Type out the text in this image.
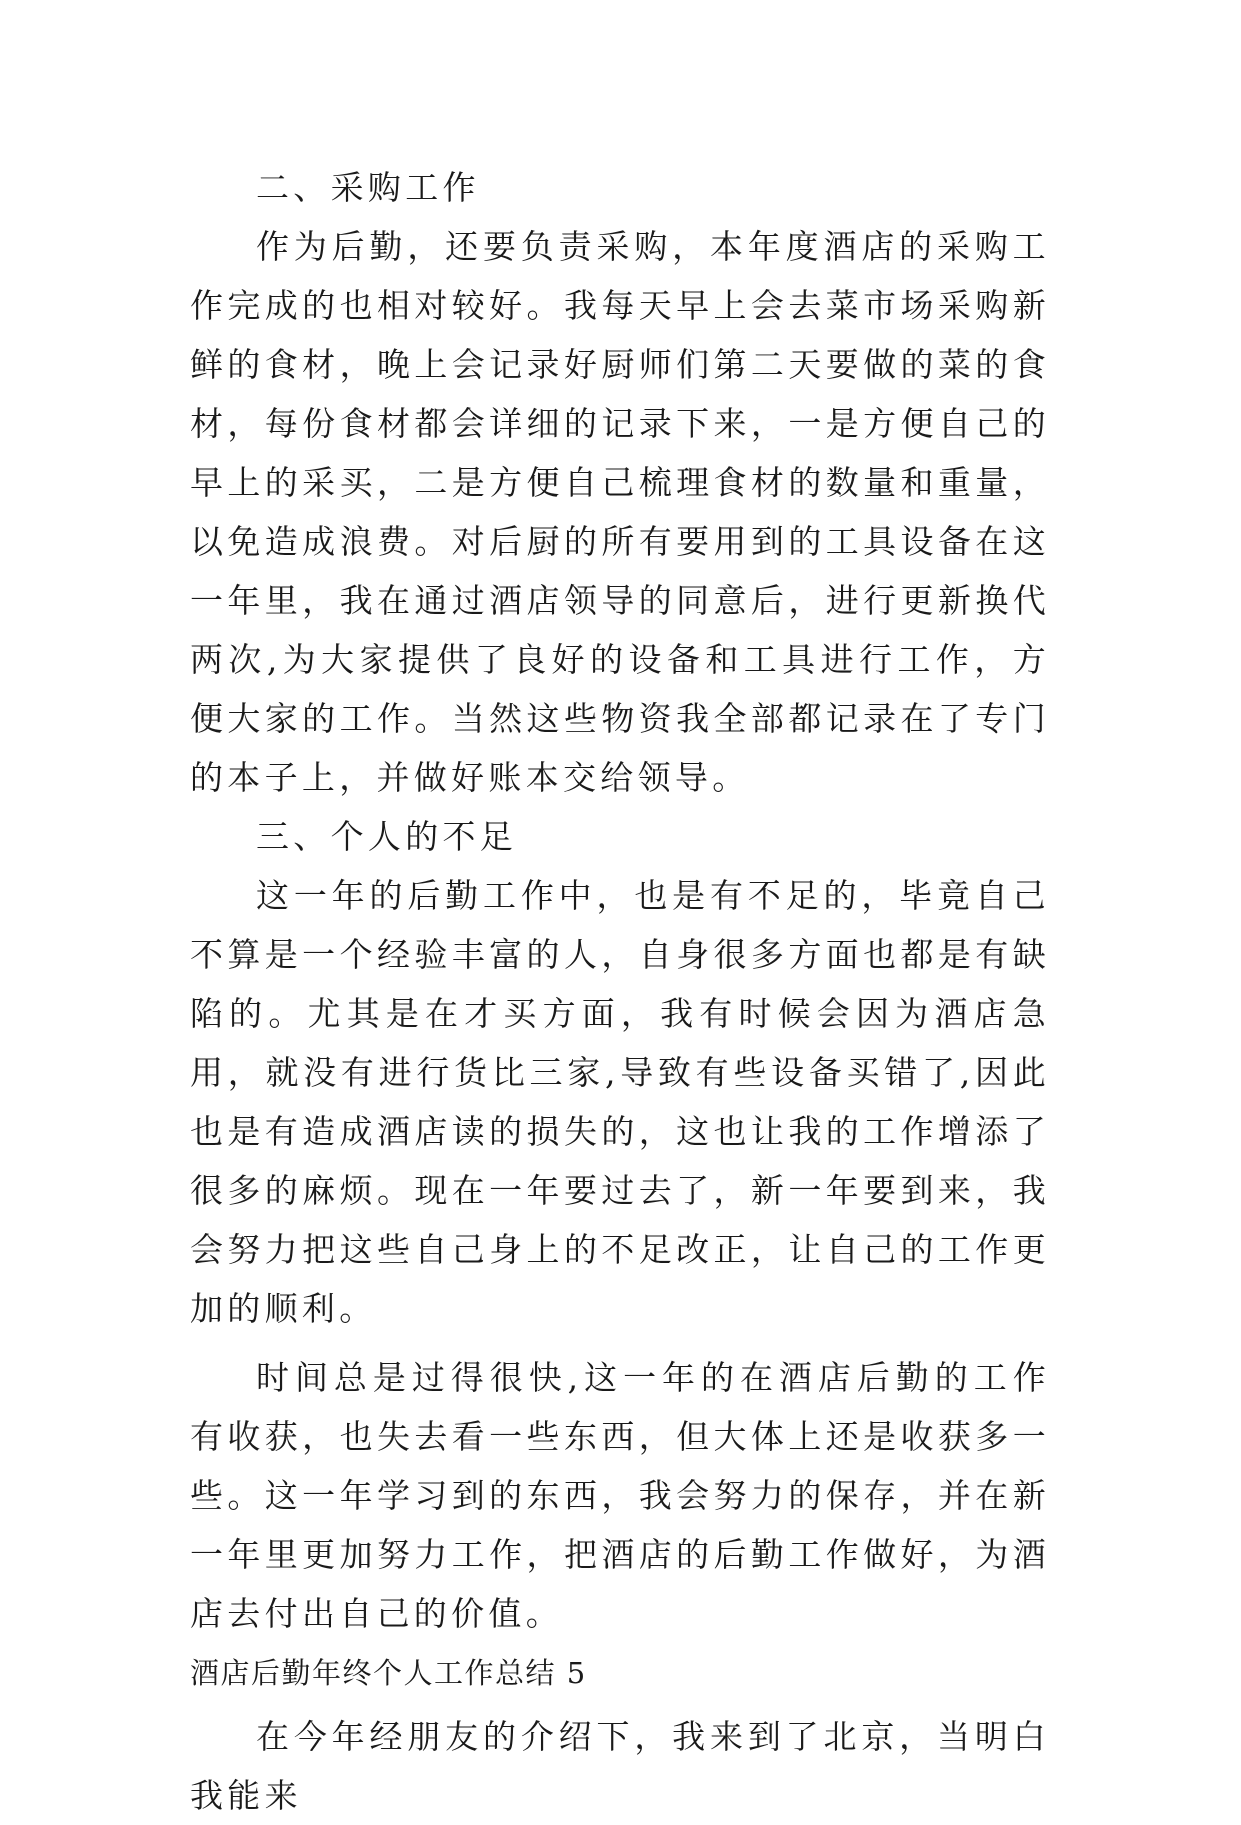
二、采购工作

作为后勤，还要负责采购，本年度酒店的采购工作完成的也相对较好。我每天早上会去菜市场采购新鲜的食材，晚上会记录好厨师们第二天要做的菜的食材，每份食材都会详细的记录下来，一是方便自己的早上的采买，二是方便自己梳理食材的数量和重量，以免造成浪费。对后厨的所有要用到的工具设备在这一年里，我在通过酒店领导的同意后，进行更新换代两次,为大家提供了良好的设备和工具进行工作，方便大家的工作。当然这些物资我全部都记录在了专门的本子上，并做好账本交给领导。

三、个人的不足

这一年的后勤工作中，也是有不足的，毕竟自己不算是一个经验丰富的人，自身很多方面也都是有缺陷的。尤其是在才买方面，我有时候会因为酒店急用，就没有进行货比三家,导致有些设备买错了,因此也是有造成酒店读的损失的，这也让我的工作增添了很多的麻烦。现在一年要过去了，新一年要到来，我会努力把这些自己身上的不足改正，让自己的工作更加的顺利。

时间总是过得很快,这一年的在酒店后勤的工作有收获，也失去看一些东西，但大体上还是收获多一些。这一年学习到的东西，我会努力的保存，并在新一年里更加努力工作，把酒店的后勤工作做好，为酒店去付出自己的价值。

酒店后勤年终个人工作总结 5

在今年经朋友的介绍下，我来到了北京，当明白我能来
